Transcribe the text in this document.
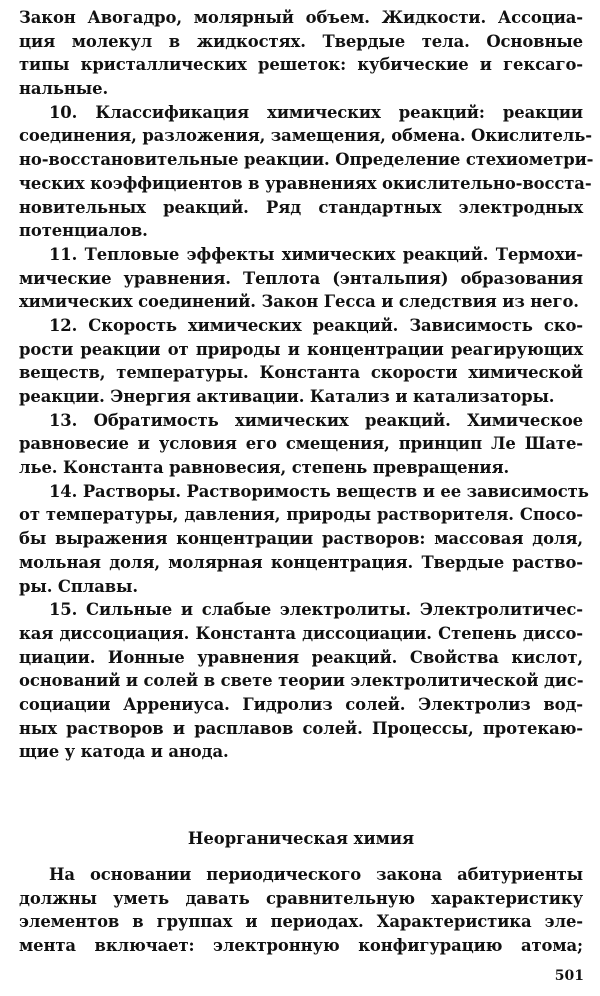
Закон Авогадро, молярный объем. Жидкости. Ассоциа-
ция молекул в жидкостях. Твердые тела. Основные
типы кристаллических решеток: кубические и гексаго-
нальные.
10. Классификация химических реакций: реакции
соединения, разложения, замещения, обмена. Окислитель-
но-восстановительные реакции. Определение стехиометри-
ческих коэффициентов в уравнениях окислительно-восста-
новительных реакций. Ряд стандартных электродных
потенциалов.
11. Тепловые эффекты химических реакций. Термохи-
мические уравнения. Теплота (энтальпия) образования
химических соединений. Закон Гесса и следствия из него.
12. Скорость химических реакций. Зависимость ско-
рости реакции от природы и концентрации реагирующих
веществ, температуры. Константа скорости химической
реакции. Энергия активации. Катализ и катализаторы.
13. Обратимость химических реакций. Химическое
равновесие и условия его смещения, принцип Ле Шате-
лье. Константа равновесия, степень превращения.
14. Растворы. Растворимость веществ и ее зависимость
от температуры, давления, природы растворителя. Спосо-
бы выражения концентрации растворов: массовая доля,
мольная доля, молярная концентрация. Твердые раство-
ры. Сплавы.
15. Сильные и слабые электролиты. Электролитичес-
кая диссоциация. Константа диссоциации. Степень диссо-
циации. Ионные уравнения реакций. Свойства кислот,
оснований и солей в свете теории электролитической дис-
социации Аррениуса. Гидролиз солей. Электролиз вод-
ных растворов и расплавов солей. Процессы, протекаю-
щие у катода и анода.
Неорганическая химия
На основании периодического закона абитуриенты
должны уметь давать сравнительную характеристику
элементов в группах и периодах. Характеристика эле-
мента включает: электронную конфигурацию атома;
501
